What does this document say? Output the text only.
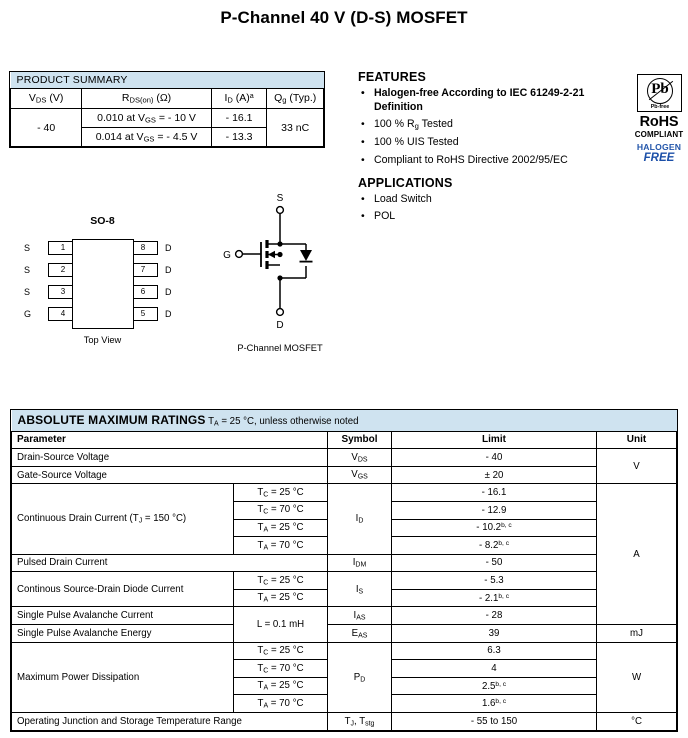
P-Channel 40 V (D-S) MOSFET
PRODUCT SUMMARY			
$V_{DS}$ (V)	$R_{DS(on)}$ (Ω)	$I_D$ $(A)^a$	$Q_g$ (Typ.)
- 40	0.010 at $V_{GS}$ = - 10 V	- 16.1	33 nC
	0.014 at $V_{GS}$ = - 4.5 V	- 13.3	
FEATURES
• Halogen-free According to IEC 61249-2-21 Definition
• 100 % $R_g$ Tested
• 100 % UIS Tested
• Compliant to RoHS Directive 2002/95/EC
APPLICATIONS
• Load Switch
• POL
Pb
Pb-free
RoHS
COMPLIANT
HALOGEN
FREE
SO-8
S
S
S
G
1
2
3
4
8
7
6
5
D
D
D
D
Top View
S
G
D
P-Channel MOSFET
ABSOLUTE MAXIMUM RATINGS $T_A = 25$ °C, unless otherwise noted				
Parameter		Symbol	Limit	Unit
Drain-Source Voltage		$V_{DS}$	- 40	V
Gate-Source Voltage		$V_{GS}$	± 20	
Continuous Drain Current ($T_J = 150$ °C)	$T_C = 25$ °C	$I_D$	- 16.1	A
	$T_C = 70$ °C		- 12.9	
	$T_A = 25$ °C		- 10.2$^{b, c}$
	$T_A = 70$ °C		- 8.2$^{b, c}$
Pulsed Drain Current		$I_{DM}$	- 50	
Continous Source-Drain Diode Current	$T_C = 25$ °C	$I_S$	- 5.3	
	$T_A = 25$ °C		- 2.1$^{b, c}$
Single Pulse Avalanche Current	L = 0.1 mH	$I_{AS}$	- 28	
Single Pulse Avalanche Energy		$E_{AS}$	39	mJ
Maximum Power Dissipation	$T_C = 25$ °C	$P_D$	6.3	W
	$T_C = 70$ °C		4	
	$T_A = 25$ °C		2.5$^{b, c}$
	$T_A = 70$ °C		1.6$^{b, c}$
Operating Junction and Storage Temperature Range		$T_J$, $T_{stg}$	- 55 to 150	°C
